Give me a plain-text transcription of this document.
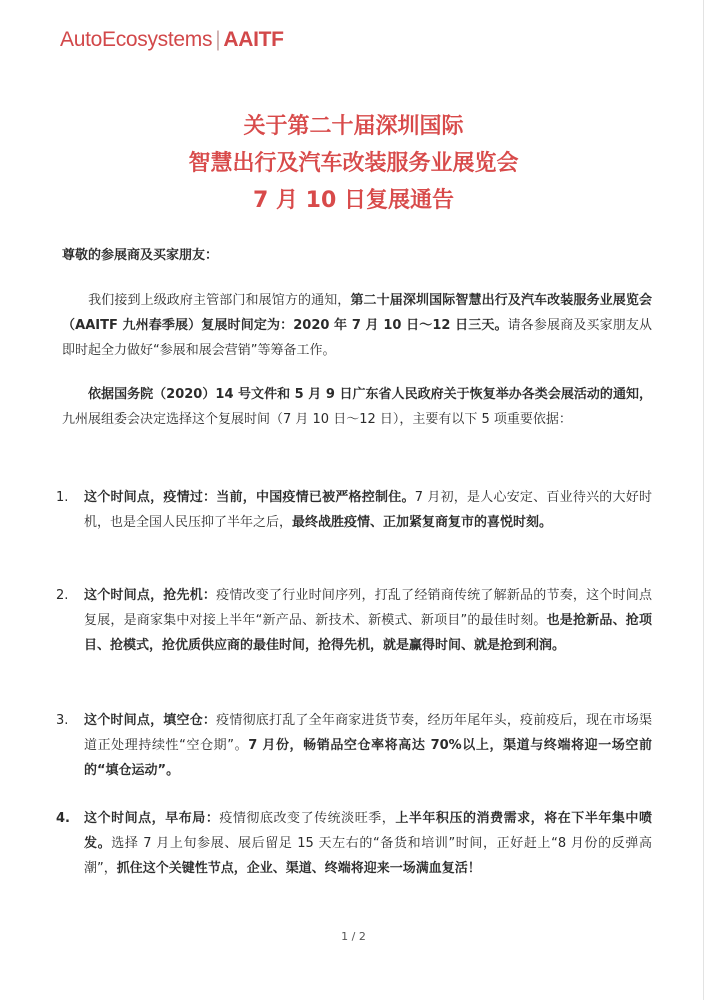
AutoEcosystems | AAITF
关于第二十届深圳国际
智慧出行及汽车改装服务业展览会
7 月 10 日复展通告
尊敬的参展商及买家朋友：
我们接到上级政府主管部门和展馆方的通知，第二十届深圳国际智慧出行及汽车改装服务业展览会（AAITF 九州春季展）复展时间定为：2020 年 7 月 10 日～12 日三天。请各参展商及买家朋友从即时起全力做好“参展和展会营销”等筹备工作。
依据国务院（2020）14 号文件和 5 月 9 日广东省人民政府关于恢复举办各类会展活动的通知，九州展组委会决定选择这个复展时间（7 月 10 日～12 日），主要有以下 5 项重要依据：
1.	这个时间点，疫情过：当前，中国疫情已被严格控制住。7 月初，是人心安定、百业待兴的大好时机，也是全国人民压抑了半年之后，最终战胜疫情、正加紧复商复市的喜悦时刻。
2.	这个时间点，抢先机：疫情改变了行业时间序列，打乱了经销商传统了解新品的节奏，这个时间点复展，是商家集中对接上半年“新产品、新技术、新模式、新项目”的最佳时刻。也是抢新品、抢项目、抢模式，抢优质供应商的最佳时间，抢得先机，就是赢得时间、就是抢到利润。
3.	这个时间点，填空仓：疫情彻底打乱了全年商家进货节奏，经历年尾年头，疫前疫后，现在市场渠道正处理持续性“空仓期”。7 月份，畅销品空仓率将高达 70%以上，渠道与终端将迎一场空前的“填仓运动”。
4.	这个时间点，早布局：疫情彻底改变了传统淡旺季，上半年积压的消费需求，将在下半年集中喷发。选择 7 月上旬参展、展后留足 15 天左右的“备货和培训”时间，正好赶上“8 月份的反弹高潮”，抓住这个关键性节点，企业、渠道、终端将迎来一场满血复活！
1 / 2
